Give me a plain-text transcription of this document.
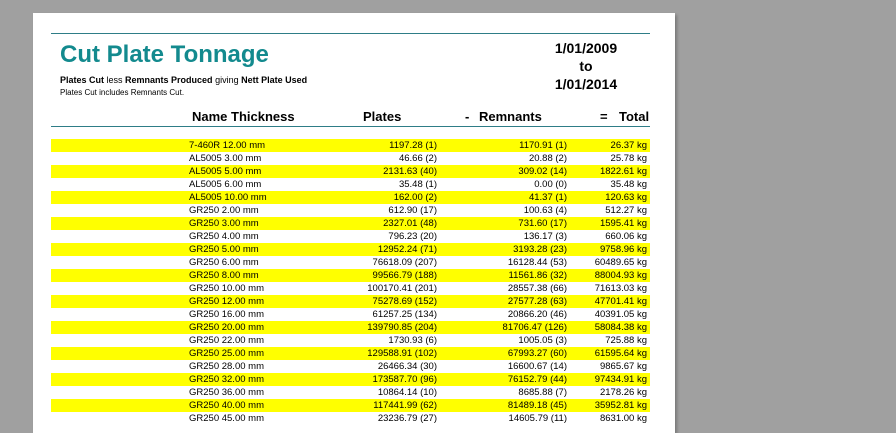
Cut Plate Tonnage
Plates Cut less Remnants Produced giving Nett Plate Used
Plates Cut includes Remnants Cut.
1/01/2009
to
1/01/2014
Name Thickness	Plates	- Remnants	= Total
7-460R 12.00 mm	1197.28 (1)	1170.91 (1)	26.37 kg
AL5005 3.00 mm	46.66 (2)	20.88 (2)	25.78 kg
AL5005 5.00 mm	2131.63 (40)	309.02 (14)	1822.61 kg
AL5005 6.00 mm	35.48 (1)	0.00 (0)	35.48 kg
AL5005 10.00 mm	162.00 (2)	41.37 (1)	120.63 kg
GR250 2.00 mm	612.90 (17)	100.63 (4)	512.27 kg
GR250 3.00 mm	2327.01 (48)	731.60 (17)	1595.41 kg
GR250 4.00 mm	796.23 (20)	136.17 (3)	660.06 kg
GR250 5.00 mm	12952.24 (71)	3193.28 (23)	9758.96 kg
GR250 6.00 mm	76618.09 (207)	16128.44 (53)	60489.65 kg
GR250 8.00 mm	99566.79 (188)	11561.86 (32)	88004.93 kg
GR250 10.00 mm	100170.41 (201)	28557.38 (66)	71613.03 kg
GR250 12.00 mm	75278.69 (152)	27577.28 (63)	47701.41 kg
GR250 16.00 mm	61257.25 (134)	20866.20 (46)	40391.05 kg
GR250 20.00 mm	139790.85 (204)	81706.47 (126)	58084.38 kg
GR250 22.00 mm	1730.93 (6)	1005.05 (3)	725.88 kg
GR250 25.00 mm	129588.91 (102)	67993.27 (60)	61595.64 kg
GR250 28.00 mm	26466.34 (30)	16600.67 (14)	9865.67 kg
GR250 32.00 mm	173587.70 (96)	76152.79 (44)	97434.91 kg
GR250 36.00 mm	10864.14 (10)	8685.88 (7)	2178.26 kg
GR250 40.00 mm	117441.99 (62)	81489.18 (45)	35952.81 kg
GR250 45.00 mm	23236.79 (27)	14605.79 (11)	8631.00 kg
